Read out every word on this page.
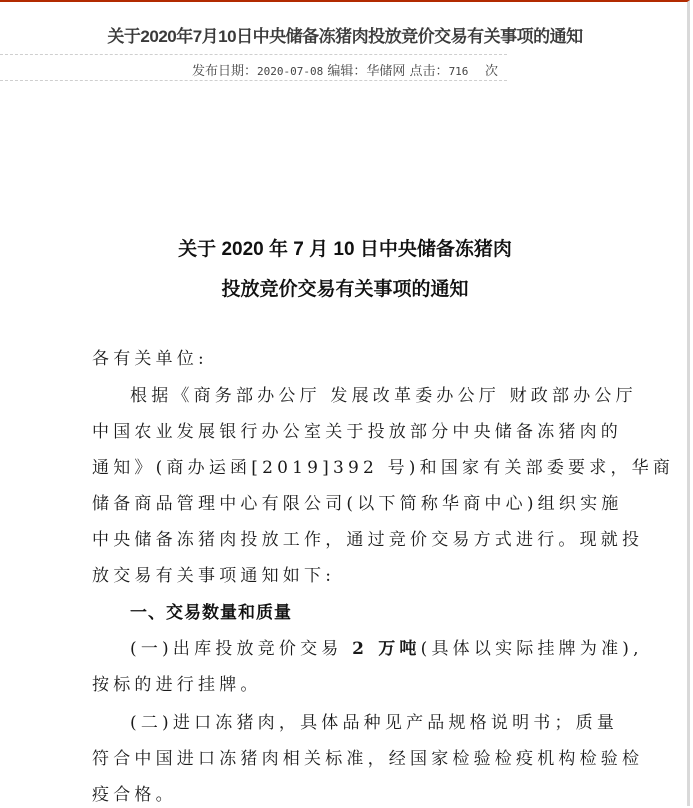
关于2020年7月10日中央储备冻猪肉投放竞价交易有关事项的通知
发布日期：2020-07-08 编辑：华储网 点击：716    次
关于 2020 年 7 月 10 日中央储备冻猪肉
投放竞价交易有关事项的通知
各有关单位:
根据《商务部办公厅 发展改革委办公厅 财政部办公厅
中国农业发展银行办公室关于投放部分中央储备冻猪肉的
通知》(商办运函[2019]392 号)和国家有关部委要求，华商
储备商品管理中心有限公司(以下简称华商中心)组织实施
中央储备冻猪肉投放工作，通过竞价交易方式进行。现就投
放交易有关事项通知如下:
一、交易数量和质量
(一)出库投放竞价交易 2 万吨(具体以实际挂牌为准),
按标的进行挂牌。
(二)进口冻猪肉，具体品种见产品规格说明书；质量
符合中国进口冻猪肉相关标准，经国家检验检疫机构检验检
疫合格。
